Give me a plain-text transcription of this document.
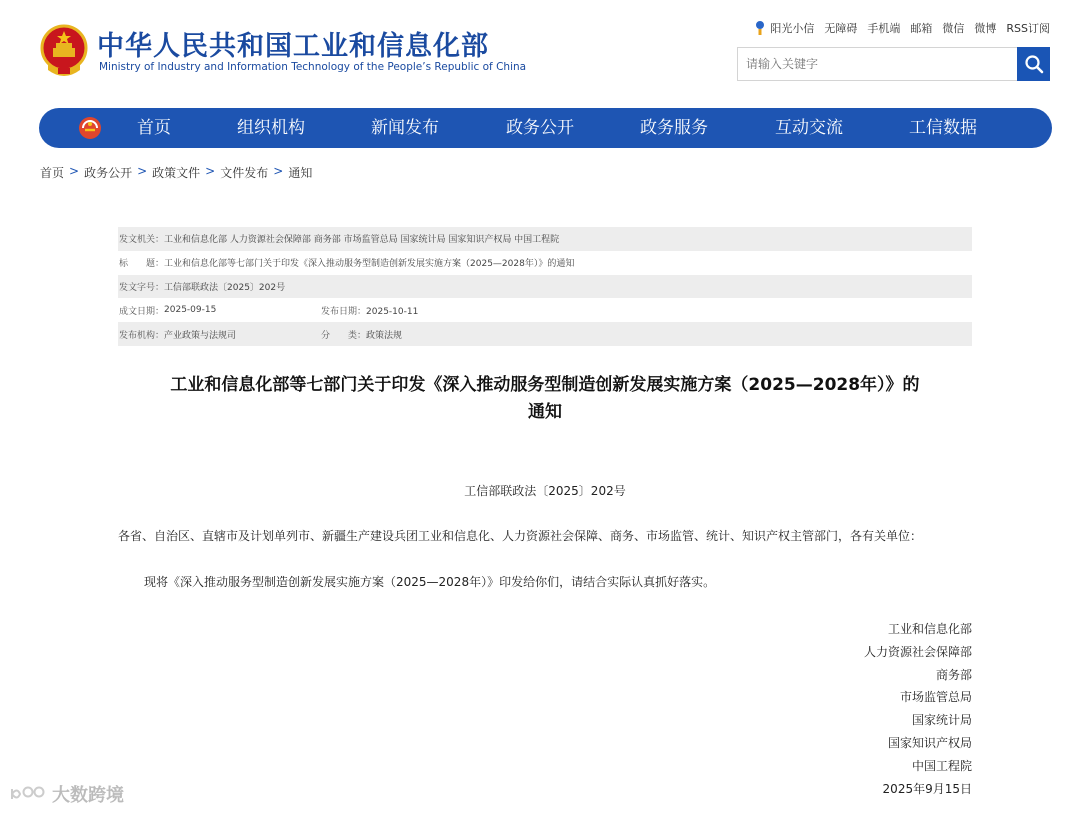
中华人民共和国工业和信息化部
Ministry of Industry and Information Technology of the People’s Republic of China
阳光小信 无障碍 手机端 邮箱 微信 微博 RSS订阅
请输入关键字
首页	组织机构	新闻发布	政务公开	政务服务	互动交流	工信数据
首页 > 政务公开 > 政策文件 > 文件发布 > 通知
发文机关： 工业和信息化部 人力资源社会保障部 商务部 市场监管总局 国家统计局 国家知识产权局 中国工程院
标　　题： 工业和信息化部等七部门关于印发《深入推动服务型制造创新发展实施方案（2025—2028年）》的通知
发文字号： 工信部联政法〔2025〕202号
成文日期： 2025-09-15	发布日期：2025-10-11
发布机构： 产业政策与法规司	分　　类：政策法规
工业和信息化部等七部门关于印发《深入推动服务型制造创新发展实施方案（2025—2028年）》的
通知
工信部联政法〔2025〕202号
各省、自治区、直辖市及计划单列市、新疆生产建设兵团工业和信息化、人力资源社会保障、商务、市场监管、统计、知识产权主管部门，各有关单位：
现将《深入推动服务型制造创新发展实施方案（2025—2028年）》印发给你们，请结合实际认真抓好落实。
工业和信息化部
人力资源社会保障部
商务部
市场监管总局
国家统计局
国家知识产权局
中国工程院
2025年9月15日
大数跨境
